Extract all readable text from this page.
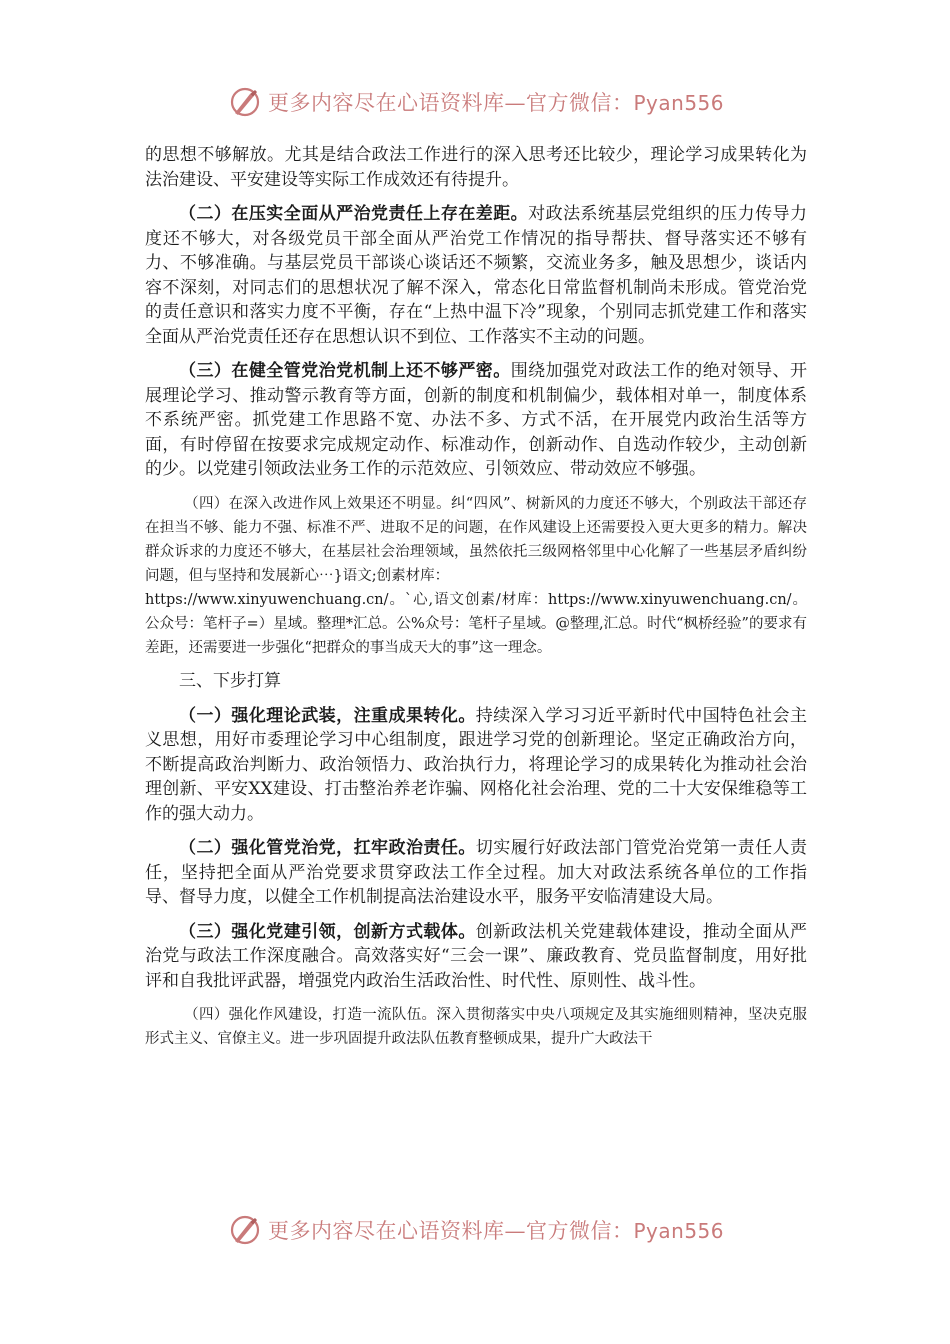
更多内容尽在心语资料库—官方微信：Pyan556

的思想不够解放。尤其是结合政法工作进行的深入思考还比较少，理论学习成果转化为法治建设、平安建设等实际工作成效还有待提升。

（二）在压实全面从严治党责任上存在差距。对政法系统基层党组织的压力传导力度还不够大，对各级党员干部全面从严治党工作情况的指导帮扶、督导落实还不够有力、不够准确。与基层党员干部谈心谈话还不频繁，交流业务多，触及思想少，谈话内容不深刻，对同志们的思想状况了解不深入，常态化日常监督机制尚未形成。管党治党的责任意识和落实力度不平衡，存在“上热中温下冷”现象，个别同志抓党建工作和落实全面从严治党责任还存在思想认识不到位、工作落实不主动的问题。

（三）在健全管党治党机制上还不够严密。围绕加强党对政法工作的绝对领导、开展理论学习、推动警示教育等方面，创新的制度和机制偏少，载体相对单一，制度体系不系统严密。抓党建工作思路不宽、办法不多、方式不活，在开展党内政治生活等方面，有时停留在按要求完成规定动作、标准动作，创新动作、自选动作较少，主动创新的少。以党建引领政法业务工作的示范效应、引领效应、带动效应不够强。

（四）在深入改进作风上效果还不明显。纠“四风”、树新风的力度还不够大，个别政法干部还存在担当不够、能力不强、标准不严、进取不足的问题，在作风建设上还需要投入更大更多的精力。解决群众诉求的力度还不够大，在基层社会治理领域，虽然依托三级网格邻里中心化解了一些基层矛盾纠纷问题，但与坚持和发展新心⋯}语文;创素材库：

https://www.xinyuwenchuang.cn/。`心,语文创素/材库：https://www.xinyuwenchuang.cn/。公众号：笔杆子=）星域。整理*汇总。公%众号：笔杆子星域。@整理,汇总。时代“枫桥经验”的要求有差距，还需要进一步强化“把群众的事当成天大的事”这一理念。

三、下步打算

（一）强化理论武装，注重成果转化。持续深入学习习近平新时代中国特色社会主义思想，用好市委理论学习中心组制度，跟进学习党的创新理论。坚定正确政治方向，不断提高政治判断力、政治领悟力、政治执行力，将理论学习的成果转化为推动社会治理创新、平安XX建设、打击整治养老诈骗、网格化社会治理、党的二十大安保维稳等工作的强大动力。

（二）强化管党治党，扛牢政治责任。切实履行好政法部门管党治党第一责任人责任，坚持把全面从严治党要求贯穿政法工作全过程。加大对政法系统各单位的工作指导、督导力度，以健全工作机制提高法治建设水平，服务平安临清建设大局。

（三）强化党建引领，创新方式载体。创新政法机关党建载体建设，推动全面从严治党与政法工作深度融合。高效落实好“三会一课”、廉政教育、党员监督制度，用好批评和自我批评武器，增强党内政治生活政治性、时代性、原则性、战斗性。

（四）强化作风建设，打造一流队伍。深入贯彻落实中央八项规定及其实施细则精神，坚决克服形式主义、官僚主义。进一步巩固提升政法队伍教育整顿成果，提升广大政法干

更多内容尽在心语资料库—官方微信：Pyan556
